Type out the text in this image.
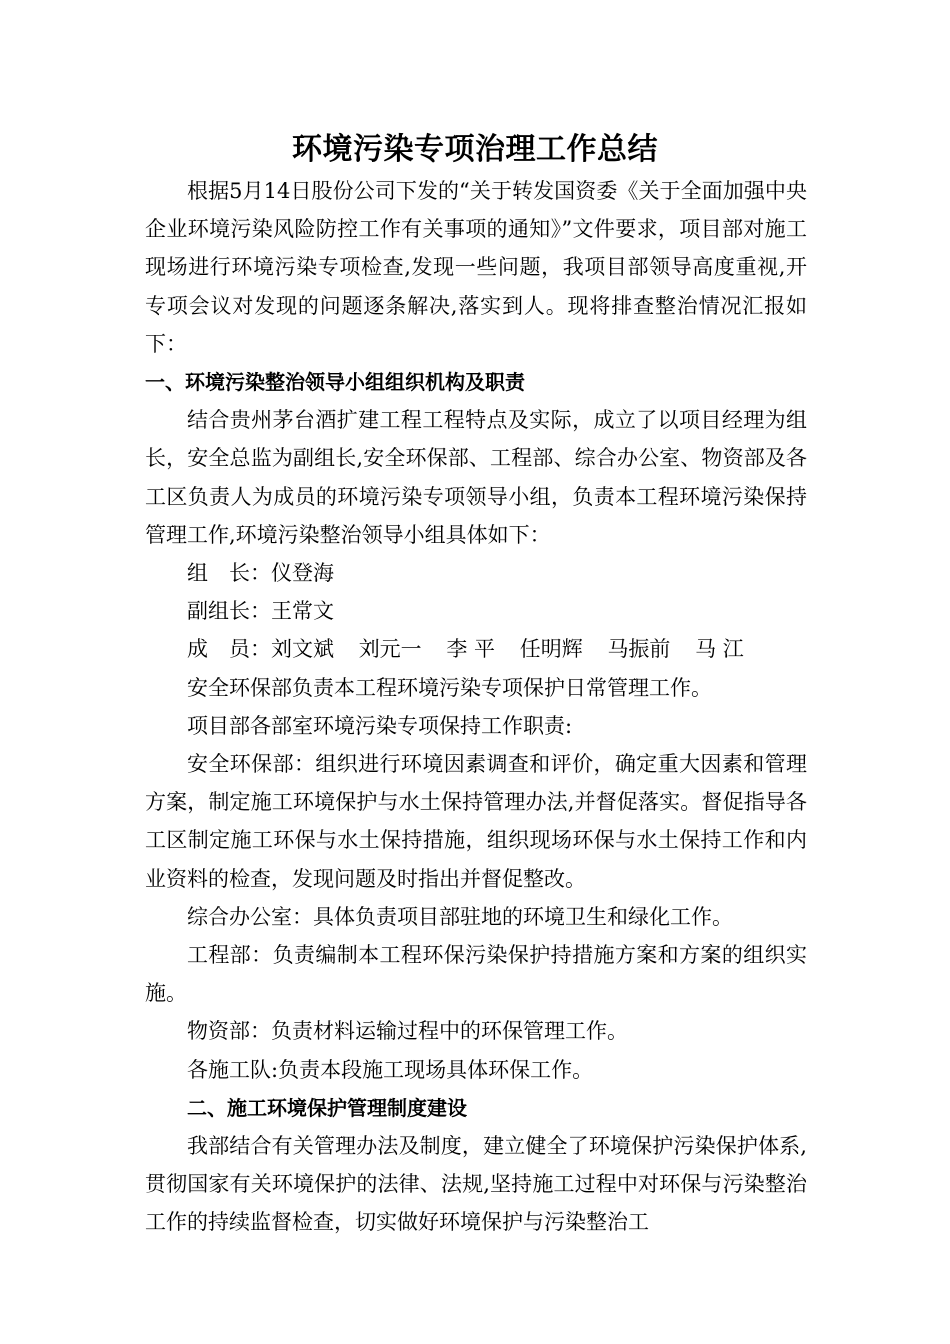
环境污染专项治理工作总结

根据5月14日股份公司下发的“关于转发国资委《关于全面加强中央企业环境污染风险防控工作有关事项的通知》”文件要求，项目部对施工现场进行环境污染专项检查,发现一些问题，我项目部领导高度重视,开专项会议对发现的问题逐条解决,落实到人。现将排查整治情况汇报如下：

一、环境污染整治领导小组组织机构及职责

结合贵州茅台酒扩建工程工程特点及实际，成立了以项目经理为组长，安全总监为副组长,安全环保部、工程部、综合办公室、物资部及各工区负责人为成员的环境污染专项领导小组，负责本工程环境污染保持管理工作,环境污染整治领导小组具体如下：

组　长：仪登海

副组长：王常文

成　员：刘文斌 刘元一 李 平 任明辉 马振前 马 江

安全环保部负责本工程环境污染专项保护日常管理工作。

项目部各部室环境污染专项保持工作职责:

安全环保部：组织进行环境因素调查和评价，确定重大因素和管理方案，制定施工环境保护与水土保持管理办法,并督促落实。督促指导各工区制定施工环保与水土保持措施，组织现场环保与水土保持工作和内业资料的检查，发现问题及时指出并督促整改。

综合办公室：具体负责项目部驻地的环境卫生和绿化工作。

工程部：负责编制本工程环保污染保护持措施方案和方案的组织实施。

物资部：负责材料运输过程中的环保管理工作。

各施工队:负责本段施工现场具体环保工作。

二、施工环境保护管理制度建设

我部结合有关管理办法及制度，建立健全了环境保护污染保护体系,贯彻国家有关环境保护的法律、法规,坚持施工过程中对环保与污染整治工作的持续监督检查，切实做好环境保护与污染整治工
